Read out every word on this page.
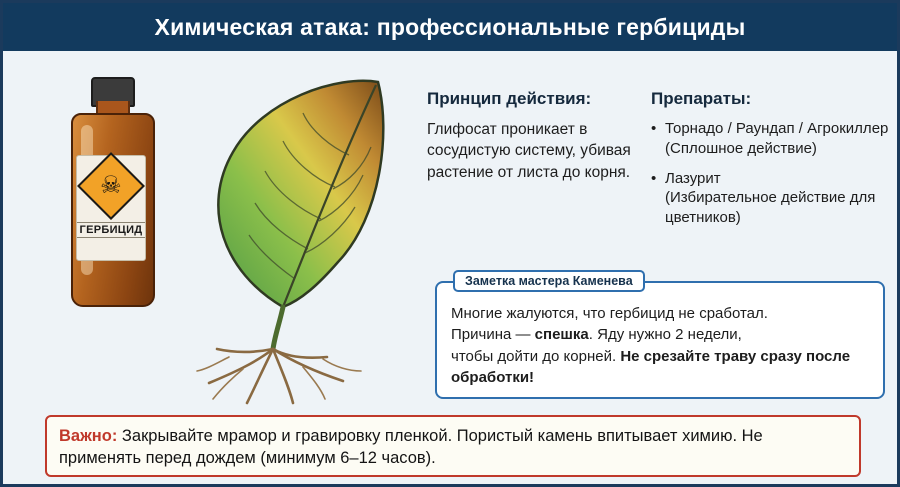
Химическая атака: профессиональные гербициды
☠
ГЕРБИЦИД
Принцип действия:
Глифосат проникает в сосудистую систему, убивая растение от листа до корня.
Препараты:
• Торнадо / Раундап / Агрокиллер
(Сплошное действие)
• Лазурит
(Избирательное действие для цветников)
Заметка мастера Каменева
Многие жалуются, что гербицид не сработал.
Причина — спешка. Яду нужно 2 недели,
чтобы дойти до корней. Не срезайте траву сразу после обработки!
Важно: Закрывайте мрамор и гравировку пленкой. Пористый камень впитывает химию. Не применять перед дождем (минимум 6–12 часов).
